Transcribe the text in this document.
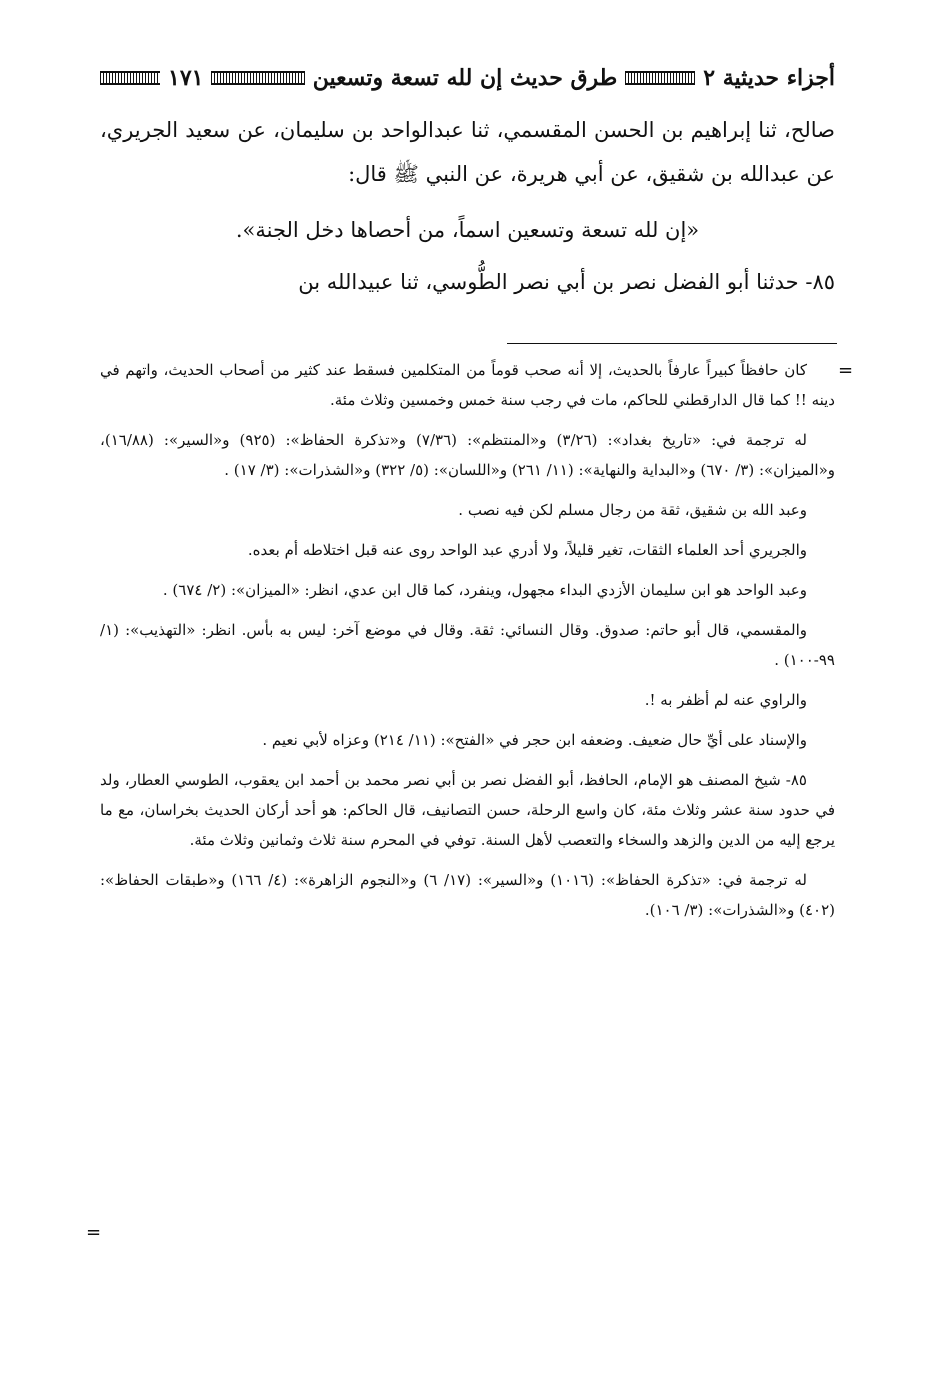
أجزاء حديثية ٢
طرق حديث إن لله تسعة وتسعين
١٧١

صالح، ثنا إبراهيم بن الحسن المقسمي، ثنا عبدالواحد بن سليمان، عن سعيد الجريري، عن عبدالله بن شقيق، عن أبي هريرة، عن النبي ﷺ قال:

«إن لله تسعة وتسعين اسماً، من أحصاها دخل الجنة».

٨٥- حدثنا أبو الفضل نصر بن أبي نصر الطُّوسي، ثنا عبيدالله بن

=

كان حافظاً كبيراً عارفاً بالحديث، إلا أنه صحب قوماً من المتكلمين فسقط عند كثير من أصحاب الحديث، واتهم في دينه !! كما قال الدارقطني للحاكم، مات في رجب سنة خمس وخمسين وثلاث مئة.

له ترجمة في: «تاريخ بغداد»: (٣/٢٦) و«المنتظم»: (٧/٣٦) و«تذكرة الحفاظ»: (٩٢٥) و«السير»: (١٦/٨٨)، و«الميزان»: (٣/ ٦٧٠) و«البداية والنهاية»: (١١/ ٢٦١) و«اللسان»: (٥/ ٣٢٢) و«الشذرات»: (٣/ ١٧) .

وعبد الله بن شقيق، ثقة من رجال مسلم لكن فيه نصب .

والجريري أحد العلماء الثقات، تغير قليلاً، ولا أدري عبد الواحد روى عنه قبل اختلاطه أم بعده.

وعبد الواحد هو ابن سليمان الأزدي البداء مجهول، وينفرد، كما قال ابن عدي، انظر: «الميزان»: (٢/ ٦٧٤) .

والمقسمي، قال أبو حاتم: صدوق. وقال النسائي: ثقة. وقال في موضع آخر: ليس به بأس. انظر: «التهذيب»: (١/ ٩٩-١٠٠) .

والراوي عنه لم أظفر به !.

والإسناد على أيِّ حال ضعيف. وضعفه ابن حجر في «الفتح»: (١١/ ٢١٤) وعزاه لأبي نعيم .

٨٥- شيخ المصنف هو الإمام، الحافظ، أبو الفضل نصر بن أبي نصر محمد بن أحمد ابن يعقوب، الطوسي العطار، ولد في حدود سنة عشر وثلاث مئة، كان واسع الرحلة، حسن التصانيف، قال الحاكم: هو أحد أركان الحديث بخراسان، مع ما يرجع إليه من الدين والزهد والسخاء والتعصب لأهل السنة. توفي في المحرم سنة ثلاث وثمانين وثلاث مئة.

له ترجمة في: «تذكرة الحفاظ»: (١٠١٦) و«السير»: (١٧/ ٦) و«النجوم الزاهرة»: (٤/ ١٦٦) و«طبقات الحفاظ»: (٤٠٢) و«الشذرات»: (٣/ ١٠٦).

=
